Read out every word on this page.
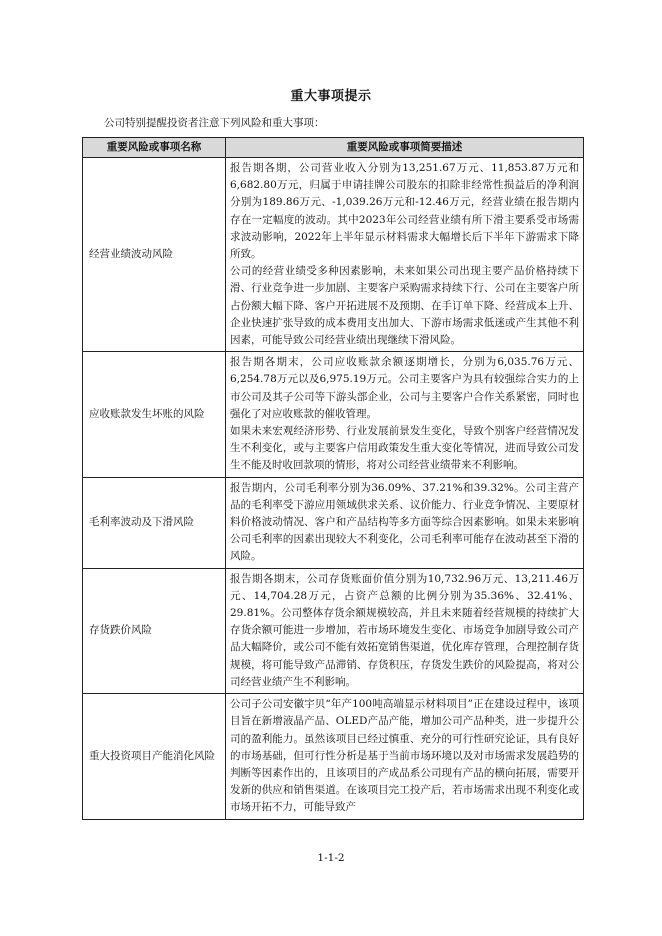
重大事项提示

公司特别提醒投资者注意下列风险和重大事项：

重要风险或事项名称	重要风险或事项简要描述
经营业绩波动风险	报告期各期，公司营业收入分别为13,251.67万元、11,853.87万元和6,682.80万元，归属于申请挂牌公司股东的扣除非经常性损益后的净利润分别为189.86万元、-1,039.26万元和-12.46万元，经营业绩在报告期内存在一定幅度的波动。其中2023年公司经营业绩有所下滑主要系受市场需求波动影响，2022年上半年显示材料需求大幅增长后下半年下游需求下降所致。

公司的经营业绩受多种因素影响，未来如果公司出现主要产品价格持续下滑、行业竞争进一步加剧、主要客户采购需求持续下行、公司在主要客户所占份额大幅下降、客户开拓进展不及预期、在手订单下降、经营成本上升、企业快速扩张导致的成本费用支出加大、下游市场需求低迷或产生其他不利因素，可能导致公司经营业绩出现继续下滑风险。

应收账款发生坏账的风险	报告期各期末，公司应收账款余额逐期增长，分别为6,035.76万元、6,254.78万元以及6,975.19万元。公司主要客户为具有较强综合实力的上市公司及其子公司等下游头部企业，公司与主要客户合作关系紧密，同时也强化了对应收账款的催收管理。

如果未来宏观经济形势、行业发展前景发生变化，导致个别客户经营情况发生不利变化，或与主要客户信用政策发生重大变化等情况，进而导致公司发生不能及时收回款项的情形，将对公司经营业绩带来不利影响。

毛利率波动及下滑风险	报告期内，公司毛利率分别为36.09%、37.21%和39.32%。公司主营产品的毛利率受下游应用领域供求关系、议价能力、行业竞争情况、主要原材料价格波动情况、客户和产品结构等多方面等综合因素影响。如果未来影响公司毛利率的因素出现较大不利变化，公司毛利率可能存在波动甚至下滑的风险。

存货跌价风险	报告期各期末，公司存货账面价值分别为10,732.96万元、13,211.46万元、14,704.28万元，占资产总额的比例分别为35.36%、32.41%、29.81%。公司整体存货余额规模较高，并且未来随着经营规模的持续扩大存货余额可能进一步增加，若市场环境发生变化、市场竞争加剧导致公司产品大幅降价，或公司不能有效拓宽销售渠道，优化库存管理，合理控制存货规模，将可能导致产品滞销、存货积压，存货发生跌价的风险提高，将对公司经营业绩产生不利影响。

重大投资项目产能消化风险	公司子公司安徽宇贝“年产100吨高端显示材料项目”正在建设过程中，该项目旨在新增液晶产品、OLED产品产能，增加公司产品种类，进一步提升公司的盈利能力。虽然该项目已经过慎重、充分的可行性研究论证，具有良好的市场基础，但可行性分析是基于当前市场环境以及对市场需求发展趋势的判断等因素作出的，且该项目的产成品系公司现有产品的横向拓展，需要开发新的供应和销售渠道。在该项目完工投产后，若市场需求出现不利变化或市场开拓不力，可能导致产

1-1-2
